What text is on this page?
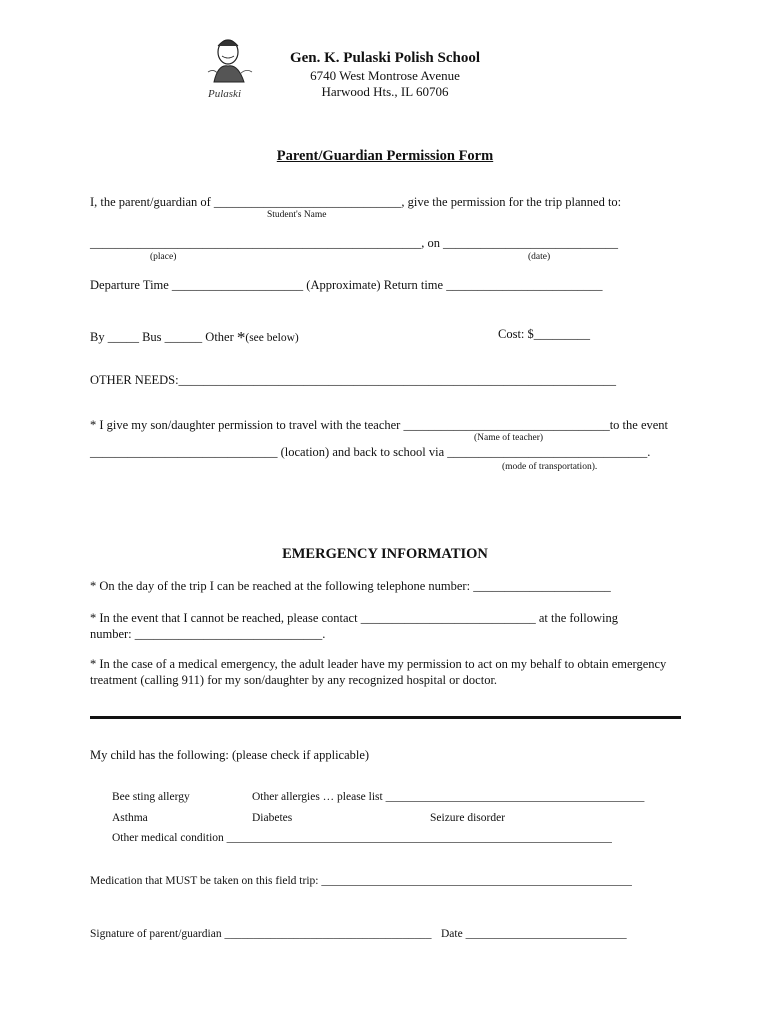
Pulaski
Gen. K. Pulaski Polish School
6740 West Montrose Avenue
Harwood Hts., IL 60706
Parent/Guardian Permission Form
I, the parent/guardian of ______________________________, give the permission for the trip planned to:
Student's Name
_____________________________________________________, on ____________________________
(place)	(date)
Departure Time _____________________ (Approximate) Return time _________________________
By _____ Bus ______ Other *(see below)	Cost: $_________
OTHER NEEDS:______________________________________________________________________
* I give my son/daughter permission to travel with the teacher _________________________________to the event
(Name of teacher)
______________________________ (location) and back to school via ________________________________.
(mode of transportation).
EMERGENCY INFORMATION
* On the day of the trip I can be reached at the following telephone number: ______________________
* In the event that I cannot be reached, please contact ____________________________ at the following
number: ______________________________.
* In the case of a medical emergency, the adult leader have my permission to act on my behalf to obtain emergency
treatment (calling 911) for my son/daughter by any recognized hospital or doctor.
My child has the following: (please check if applicable)
Bee sting allergy	Other allergies … please list _____________________________________________
Asthma	Diabetes	Seizure disorder
Other medical condition ___________________________________________________________________
Medication that MUST be taken on this field trip: ______________________________________________________
Signature of parent/guardian ____________________________________ Date ____________________________
